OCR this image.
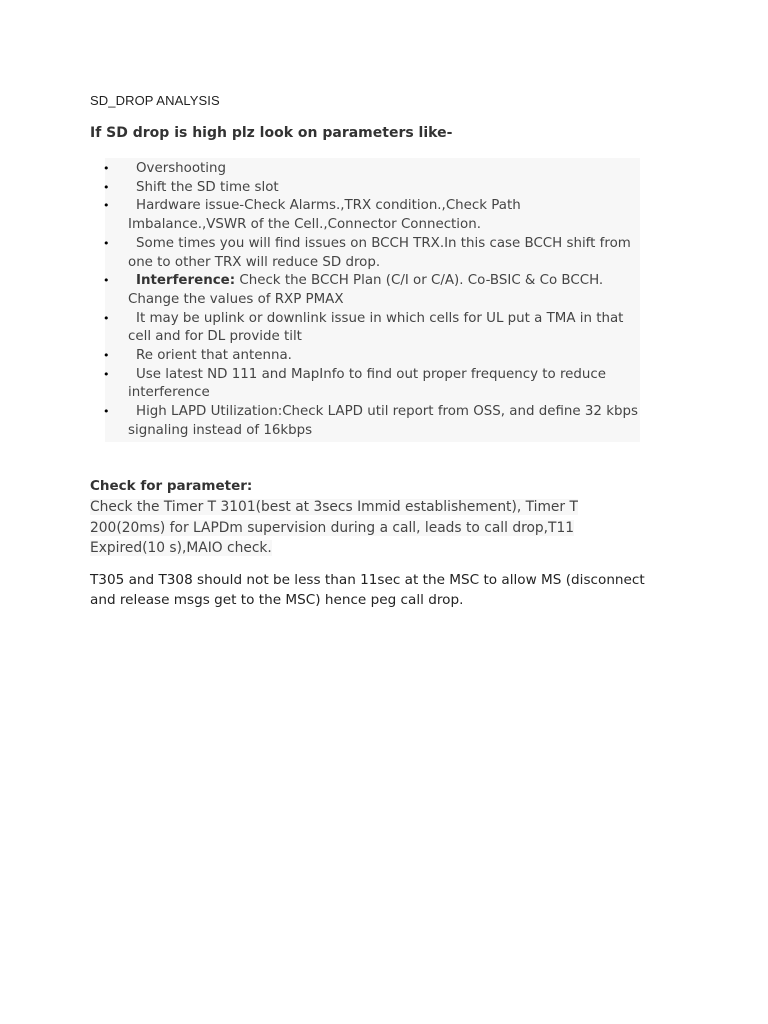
SD_DROP ANALYSIS
If SD drop is high plz look on parameters like-
•	Overshooting
•	Shift the SD time slot
•	Hardware issue-Check Alarms.,TRX condition.,Check Path Imbalance.,VSWR of the Cell.,Connector Connection.
•	Some times you will find issues on BCCH TRX.In this case BCCH shift from one to other TRX will reduce SD drop.
•	Interference: Check the BCCH Plan (C/I or C/A). Co-BSIC & Co BCCH. Change the values of RXP PMAX
•	It may be uplink or downlink issue in which cells for UL put a TMA in that cell and for DL provide tilt
•	Re orient that antenna.
•	Use latest ND 111 and MapInfo to find out proper frequency to reduce interference
•	High LAPD Utilization:Check LAPD util report from OSS, and define 32 kbps signaling instead of 16kbps
Check for parameter:

Check the Timer T 3101(best at 3secs Immid establishement), Timer T 200(20ms) for LAPDm supervision during a call, leads to call drop,T11 Expired(10 s),MAIO check.

T305 and T308 should not be less than 11sec at the MSC to allow MS (disconnect and release msgs get to the MSC) hence peg call drop.
